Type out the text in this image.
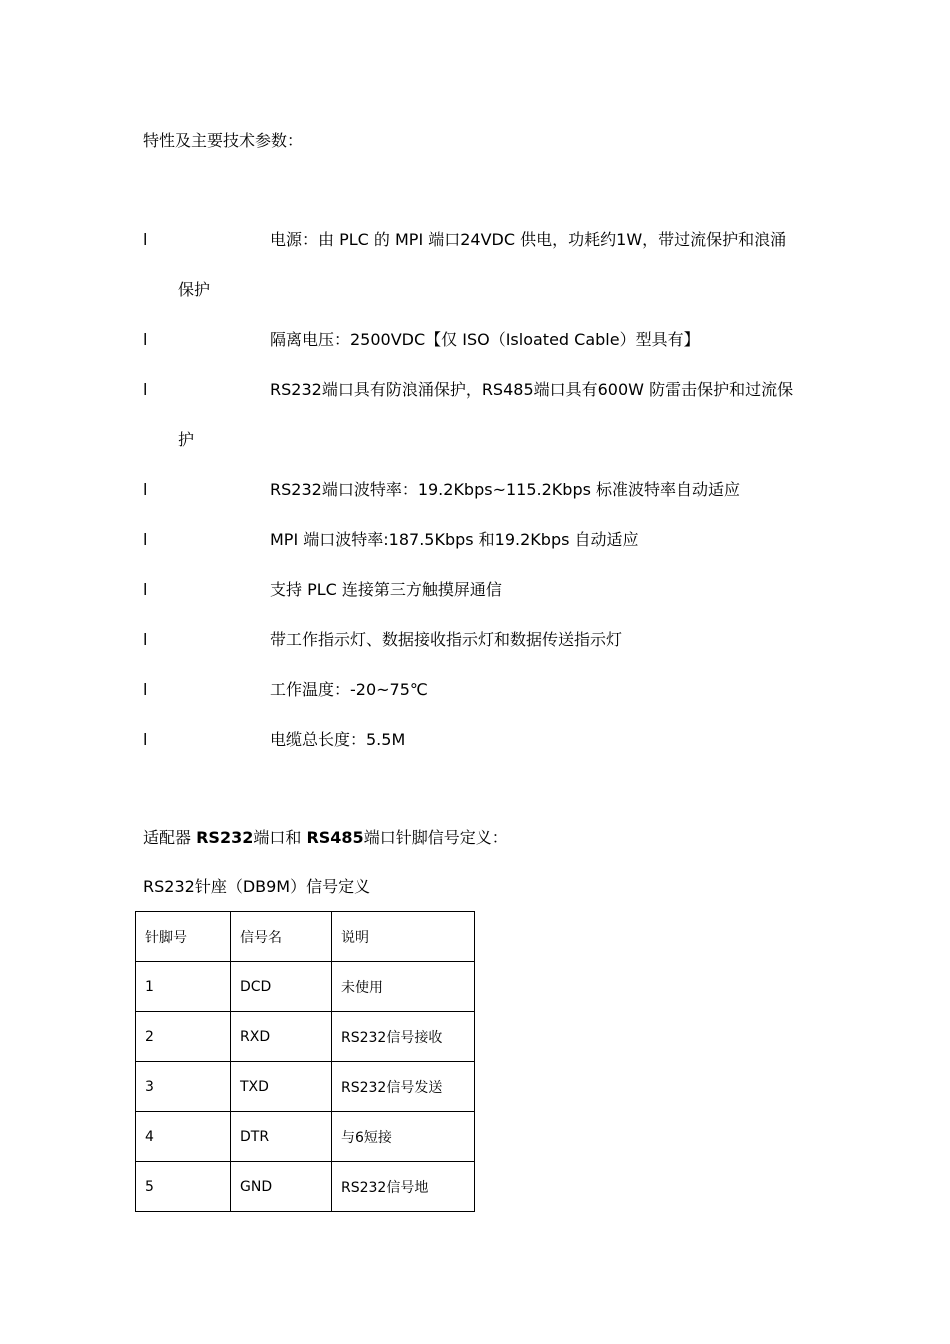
特性及主要技术参数：
l	电源：由 PLC 的 MPI 端口24VDC 供电，功耗约1W，带过流保护和浪涌
保护
l	隔离电压：2500VDC【仅 ISO（Isloated Cable）型具有】
l	RS232端口具有防浪涌保护，RS485端口具有600W 防雷击保护和过流保
护
l	RS232端口波特率：19.2Kbps~115.2Kbps 标准波特率自动适应
l	MPI 端口波特率:187.5Kbps 和19.2Kbps 自动适应
l	支持 PLC 连接第三方触摸屏通信
l	带工作指示灯、数据接收指示灯和数据传送指示灯
l	工作温度：-20~75℃
l	电缆总长度：5.5M
适配器 RS232端口和 RS485端口针脚信号定义：
RS232针座（DB9M）信号定义
针脚号	信号名	说明
1	DCD	未使用
2	RXD	RS232信号接收
3	TXD	RS232信号发送
4	DTR	与6短接
5	GND	RS232信号地
